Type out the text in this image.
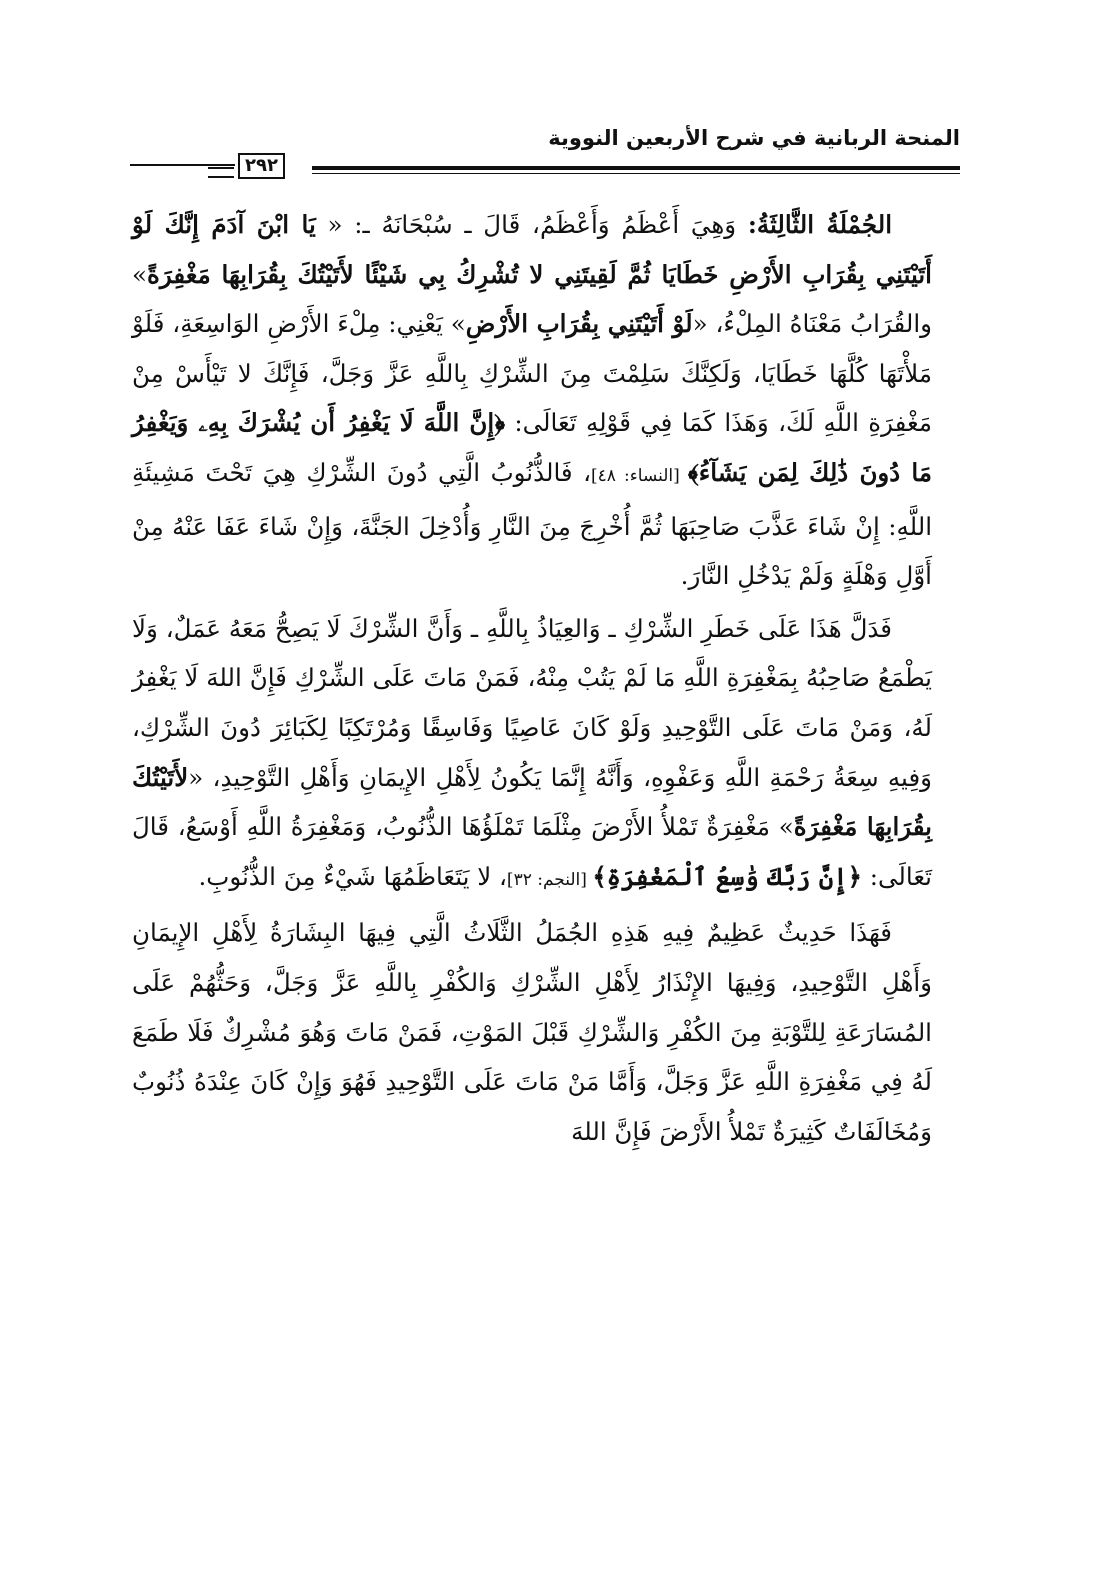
المنحة الربانية في شرح الأربعين النووية
٢٩٢

الجُمْلَةُ الثَّالِثَةُ: وَهِيَ أَعْظَمُ وَأَعْظَمُ، قَالَ ـ سُبْحَانَهُ ـ: « يَا ابْنَ آدَمَ إِنَّكَ لَوْ أَتَيْتَنِي بِقُرَابِ الأَرْضِ خَطَايَا ثُمَّ لَقِيتَنِي لا تُشْرِكُ بِي شَيْئًا لأَتَيْتُكَ بِقُرَابِهَا مَغْفِرَةً» والقُرَابُ مَعْنَاهُ المِلْءُ، «لَوْ أَتَيْتَنِي بِقُرَابِ الأَرْضِ» يَعْنِي: مِلْءَ الأَرْضِ الوَاسِعَةِ، فَلَوْ مَلأْتَهَا كُلَّهَا خَطَايَا، وَلَكِنَّكَ سَلِمْتَ مِنَ الشِّرْكِ بِاللَّهِ عَزَّ وَجَلَّ، فَإِنَّكَ لا تَيْأَسْ مِنْ مَغْفِرَةِ اللَّهِ لَكَ، وَهَذَا كَمَا فِي قَوْلِهِ تَعَالَى: ﴿إِنَّ اللَّهَ لَا يَغْفِرُ أَن يُشْرَكَ بِهِۦ وَيَغْفِرُ مَا دُونَ ذَٰلِكَ لِمَن يَشَآءُ﴾ [النساء: ٤٨]، فَالذُّنُوبُ الَّتِي دُونَ الشِّرْكِ هِيَ تَحْتَ مَشِيئَةِ اللَّهِ: إِنْ شَاءَ عَذَّبَ صَاحِبَهَا ثُمَّ أُخْرِجَ مِنَ النَّارِ وَأُدْخِلَ الجَنَّةَ، وَإِنْ شَاءَ عَفَا عَنْهُ مِنْ أَوَّلِ وَهْلَةٍ وَلَمْ يَدْخُلِ النَّارَ.

فَدَلَّ هَذَا عَلَى خَطَرِ الشِّرْكِ ـ وَالعِيَاذُ بِاللَّهِ ـ وَأَنَّ الشِّرْكَ لَا يَصِحُّ مَعَهُ عَمَلٌ، وَلَا يَطْمَعُ صَاحِبُهُ بِمَغْفِرَةِ اللَّهِ مَا لَمْ يَتُبْ مِنْهُ، فَمَنْ مَاتَ عَلَى الشِّرْكِ فَإِنَّ اللهَ لَا يَغْفِرُ لَهُ، وَمَنْ مَاتَ عَلَى التَّوْحِيدِ وَلَوْ كَانَ عَاصِيًا وَفَاسِقًا وَمُرْتَكِبًا لِكَبَائِرَ دُونَ الشِّرْكِ، وَفِيهِ سِعَةُ رَحْمَةِ اللَّهِ وَعَفْوِهِ، وَأَنَّهُ إِنَّمَا يَكُونُ لِأَهْلِ الإِيمَانِ وَأَهْلِ التَّوْحِيدِ، «لأَتَيْتُكَ بِقُرَابِهَا مَغْفِرَةً» مَغْفِرَةٌ تَمْلأُ الأَرْضَ مِثْلَمَا تَمْلَؤُهَا الذُّنُوبُ، وَمَغْفِرَةُ اللَّهِ أَوْسَعُ، قَالَ تَعَالَى: ﴿إِنَّ رَبَّكَ وَٰسِعُ ٱلْمَغْفِرَةِ﴾ [النجم: ٣٢]، لا يَتَعَاظَمُهَا شَيْءٌ مِنَ الذُّنُوبِ.

فَهَذَا حَدِيثٌ عَظِيمٌ فِيهِ هَذِهِ الجُمَلُ الثَّلَاثُ الَّتِي فِيهَا البِشَارَةُ لِأَهْلِ الإِيمَانِ وَأَهْلِ التَّوْحِيدِ، وَفِيهَا الإِنْذَارُ لِأَهْلِ الشِّرْكِ وَالكُفْرِ بِاللَّهِ عَزَّ وَجَلَّ، وَحَثُّهُمْ عَلَى المُسَارَعَةِ لِلتَّوْبَةِ مِنَ الكُفْرِ وَالشِّرْكِ قَبْلَ المَوْتِ، فَمَنْ مَاتَ وَهُوَ مُشْرِكٌ فَلَا طَمَعَ لَهُ فِي مَغْفِرَةِ اللَّهِ عَزَّ وَجَلَّ، وَأَمَّا مَنْ مَاتَ عَلَى التَّوْحِيدِ فَهُوَ وَإِنْ كَانَ عِنْدَهُ ذُنُوبٌ وَمُخَالَفَاتٌ كَثِيرَةٌ تَمْلأُ الأَرْضَ فَإِنَّ اللهَ
